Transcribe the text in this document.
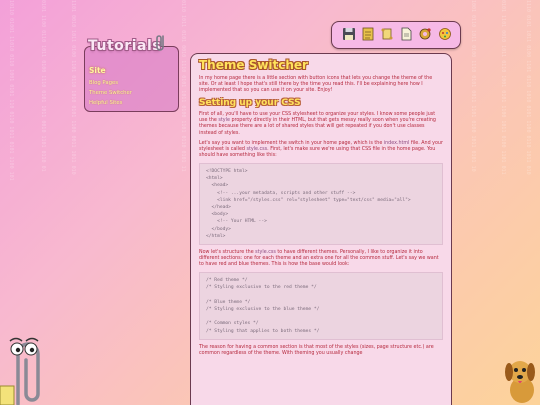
10110 01001 11010 0110 1001 0101 110 0110 1011 0101 1100 101	0101 1100 0110 1011 0100 1110 0101 1011 0010 1101 0110 01	1101 0010 1011 0100 1101 0110 1010 0101 1100 0011 1011 010	0110 1011 0101 0010 1110 0101 1011 0100 1101 0110 0101 11	1001 0110 1011 0100 1110 0101 0011 1101 0100 1011 0101 10	0101 1101 0010 1011 0110 1001 0101 1100 1011 0100 1101 011	1110 0101 1011 0100 1101 0110 1010 0101 1100 0110 1011 010
Tutorials
Site
Blog Pages
Theme Switcher
Helpful Sites
Theme Switcher

In my home page there is a little section with button icons that lets you change the theme of the site. Or at least I hope that's still there by the time you read this. I'll be explaining here how I implemented that so you can use it on your site. Enjoy!

Setting up your CSS

First of all, you'll have to use your CSS stylesheet to organize your styles. I know some people just use the style property directly in their HTML, but that gets messy really soon when you're creating themes because there are a lot of shared styles that will get repeated if you don't use classes instead of styles.

Let's say you want to implement the switch in your home page, which is the index.html file. And your stylesheet is called style.css. First, let's make sure we're using that CSS file in the home page. You should have something like this:

<!DOCTYPE html>
<html>
<head>
<!-- ...your metadata, scripts and other stuff -->
<link href="/styles.css" rel="stylesheet" type="text/css" media="all">
</head>
<body>
<!-- Your HTML -->
</body>
</html>

Now let's structure the style.css to have different themes. Personally, I like to organize it into different sections: one for each theme and an extra one for all the common stuff. Let's say we want to have red and blue themes. This is how the base would look:

/* Red theme */
/* Styling exclusive to the red theme */

/* Blue theme */
/* Styling exclusive to the blue theme */

/* Common styles */
/* Styling that applies to both themes */

The reason for having a common section is that most of the styles (sizes, page structure etc.) are common regardless of the theme. With theming you usually change
